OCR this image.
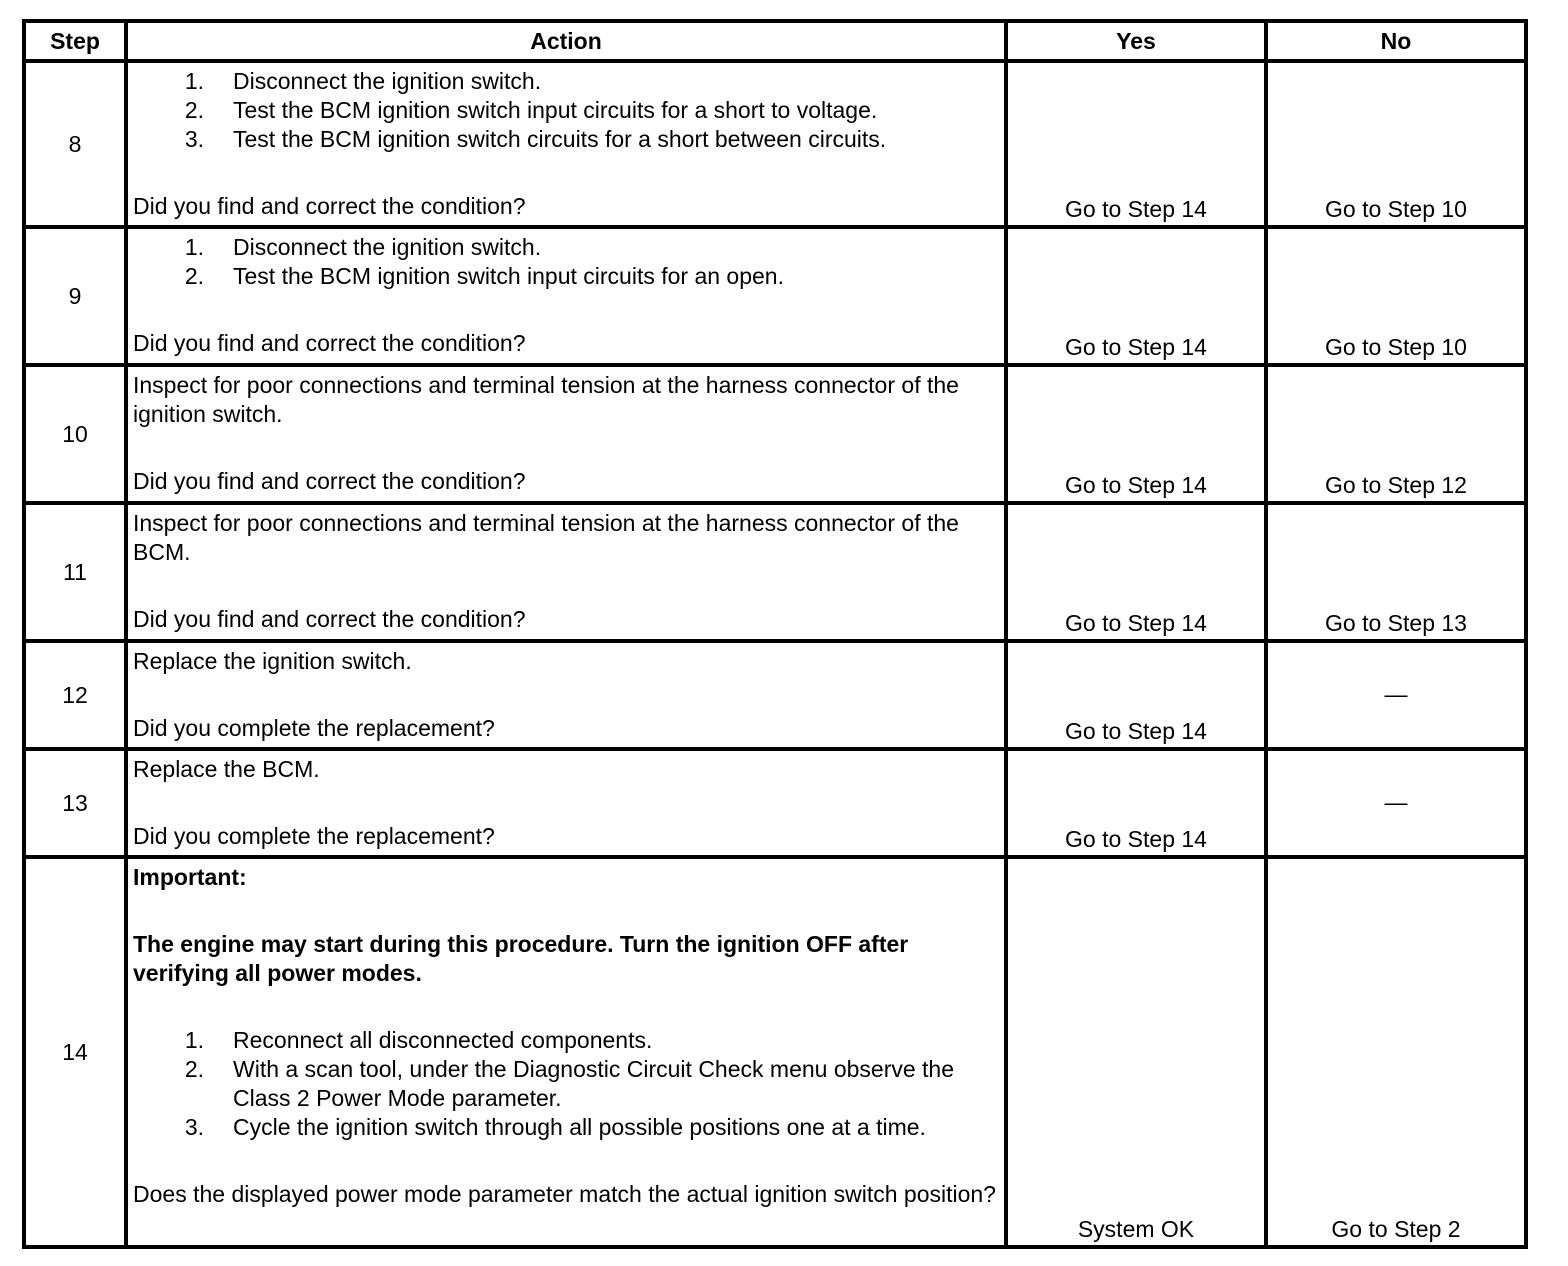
Step	Action	Yes	No
8	
1.	Disconnect the ignition switch.
2.	Test the BCM ignition switch input circuits for a short to voltage.
3.	Test the BCM ignition switch circuits for a short between circuits.
Did you find and correct the condition?	Go to Step 14	Go to Step 10
9	
1.	Disconnect the ignition switch.
2.	Test the BCM ignition switch input circuits for an open.
Did you find and correct the condition?	Go to Step 14	Go to Step 10
10	Inspect for poor connections and terminal tension at the harness connector of the ignition switch.
Did you find and correct the condition?	Go to Step 14	Go to Step 12
11	Inspect for poor connections and terminal tension at the harness connector of the BCM.
Did you find and correct the condition?	Go to Step 14	Go to Step 13
12	Replace the ignition switch.
Did you complete the replacement?	Go to Step 14	—
13	Replace the BCM.
Did you complete the replacement?	Go to Step 14	—
14	
Important:
The engine may start during this procedure. Turn the ignition OFF after verifying all power modes.
1.	Reconnect all disconnected components.
2.	With a scan tool, under the Diagnostic Circuit Check menu observe the Class 2 Power Mode parameter.
3.	Cycle the ignition switch through all possible positions one at a time.
Does the displayed power mode parameter match the actual ignition switch position?
	System OK	Go to Step 2
